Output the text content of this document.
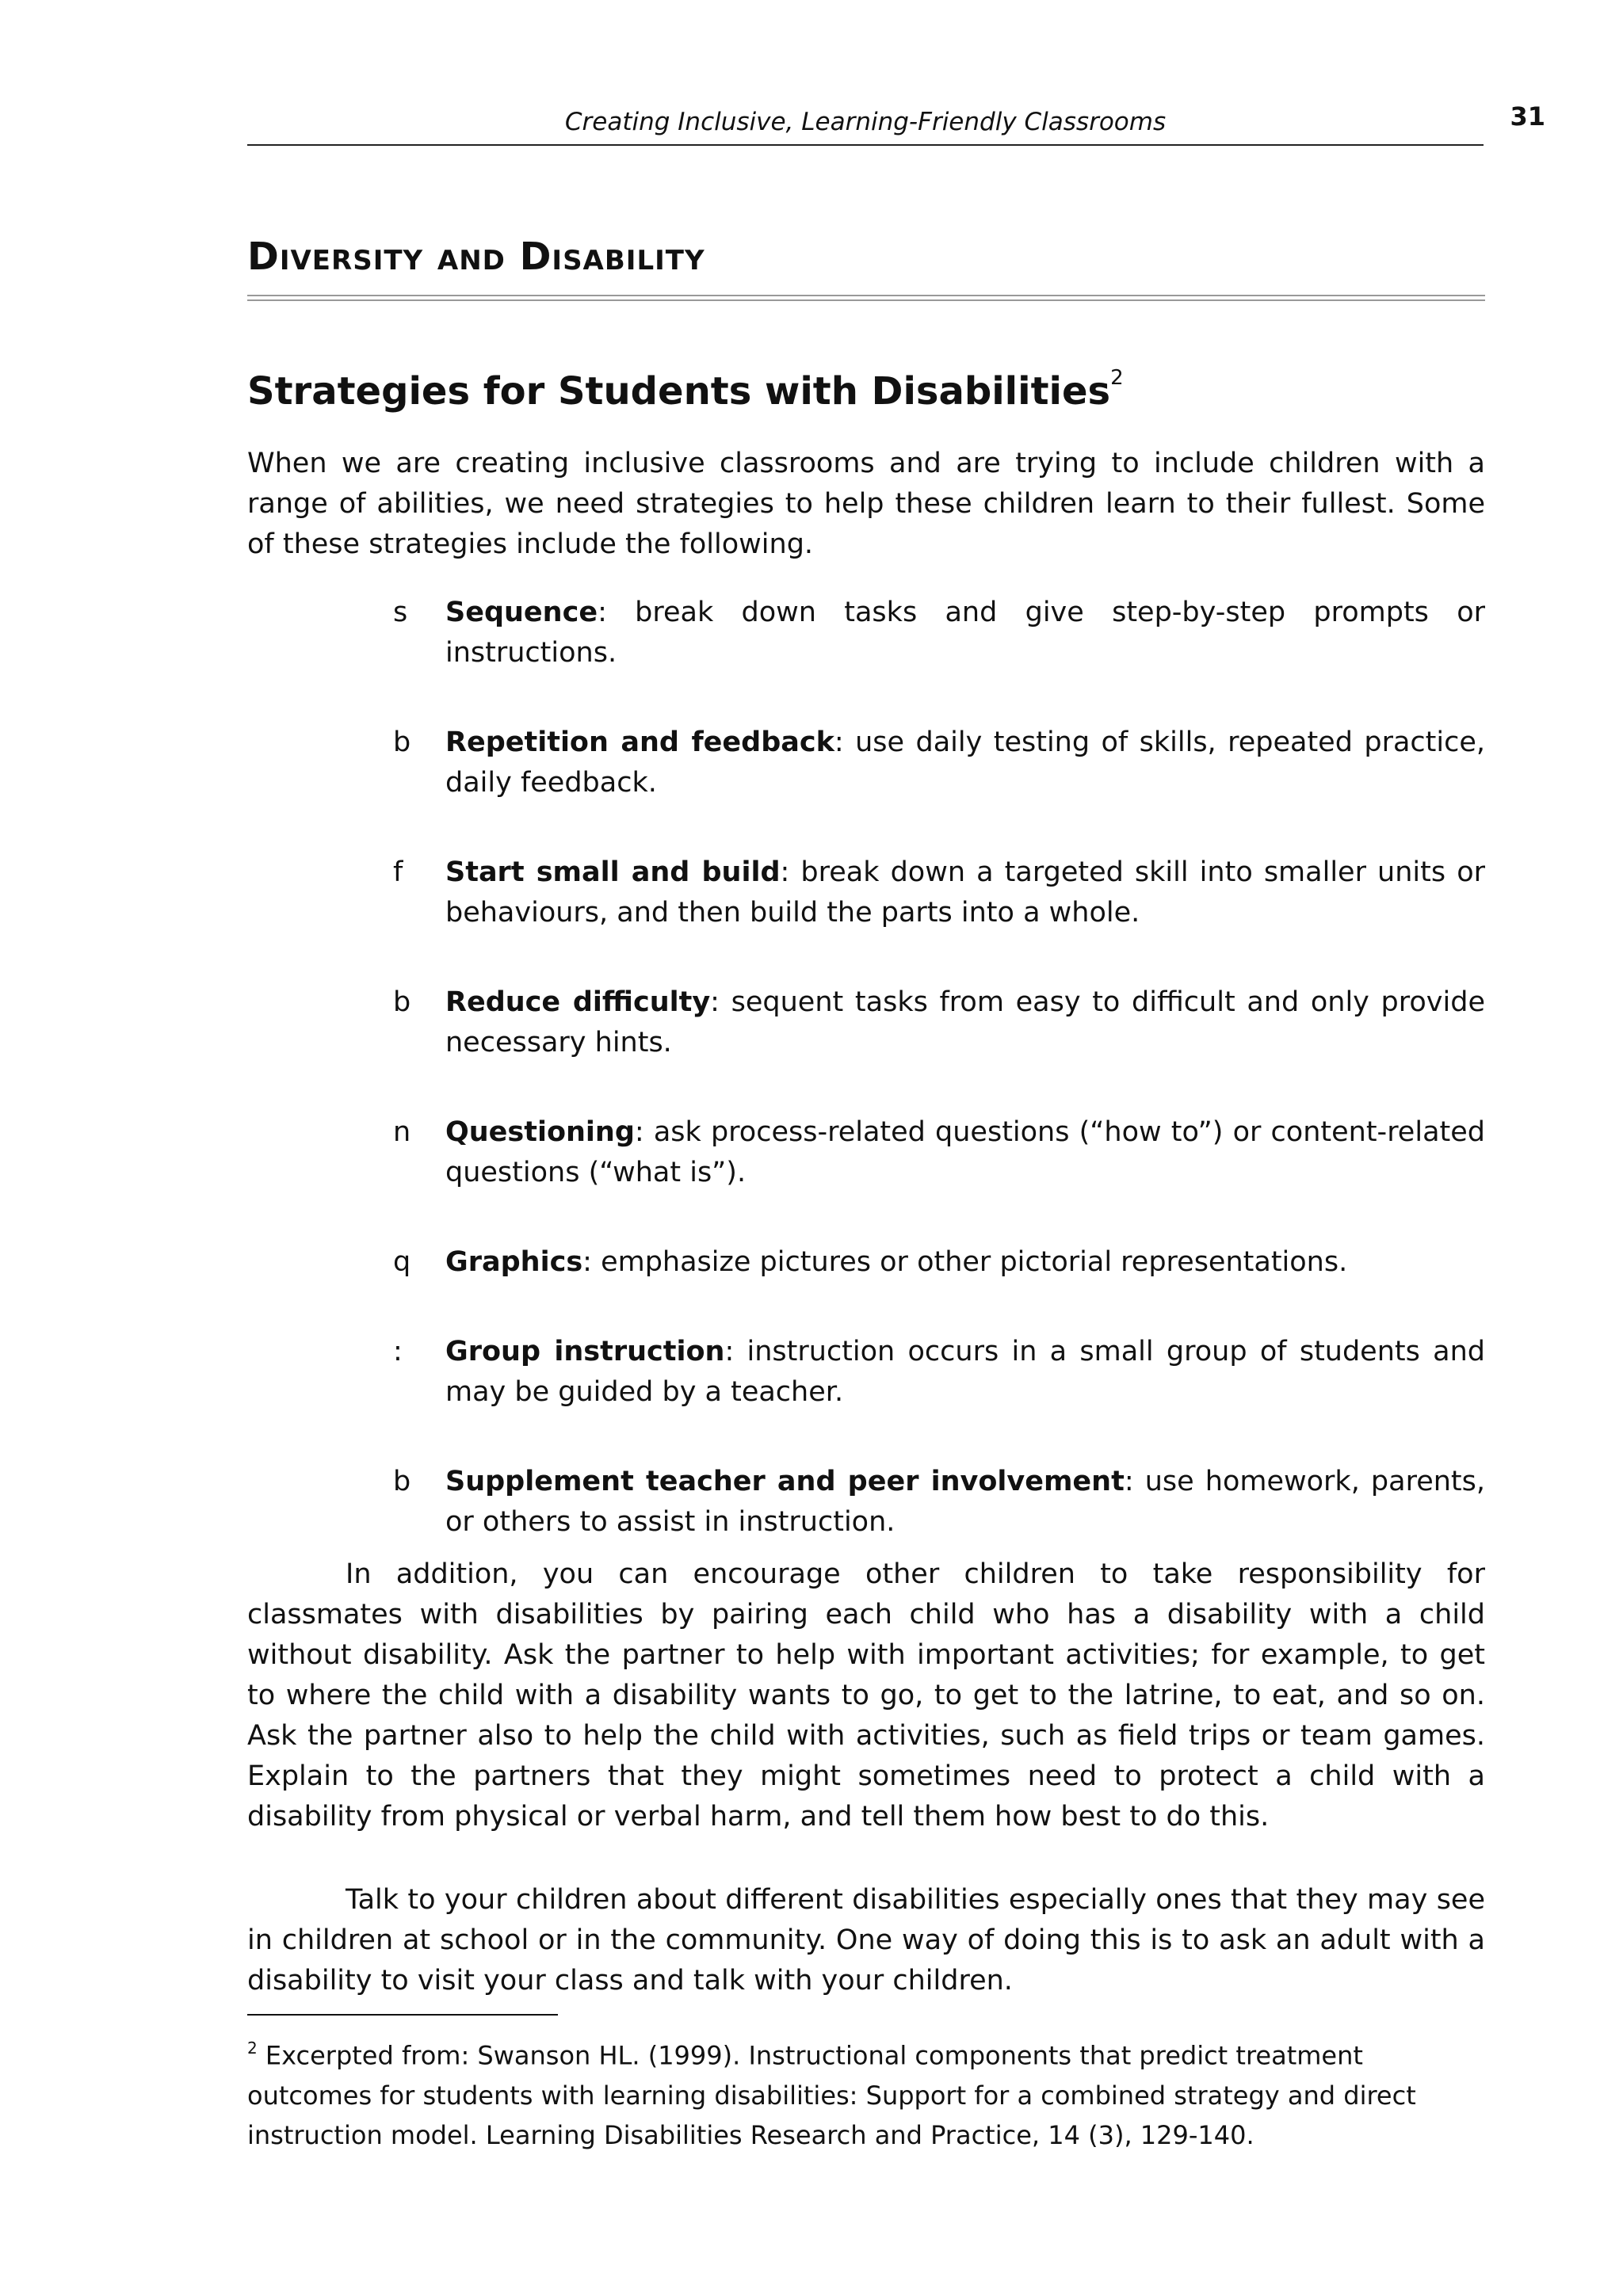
Creating Inclusive, Learning-Friendly Classrooms	31
Diversity and Disability
Strategies for Students with Disabilities$^2$
When we are creating inclusive classrooms and are trying to include children with a range of abilities, we need strategies to help these children learn to their fullest. Some of these strategies include the following.
s	Sequence: break down tasks and give step-by-step prompts or instructions.
b	Repetition and feedback: use daily testing of skills, repeated practice, daily feedback.
f	Start small and build: break down a targeted skill into smaller units or behaviours, and then build the parts into a whole.
b	Reduce difficulty: sequent tasks from easy to difficult and only provide necessary hints.
n	Questioning: ask process-related questions (“how to”) or content-related questions (“what is”).
q	Graphics: emphasize pictures or other pictorial representations.
:	Group instruction: instruction occurs in a small group of students and may be guided by a teacher.
b	Supplement teacher and peer involvement: use homework, parents, or others to assist in instruction.
In addition, you can encourage other children to take responsibility for classmates with disabilities by pairing each child who has a disability with a child without disability. Ask the partner to help with important activities; for example, to get to where the child with a disability wants to go, to get to the latrine, to eat, and so on. Ask the partner also to help the child with activities, such as field trips or team games. Explain to the partners that they might sometimes need to protect a child with a disability from physical or verbal harm, and tell them how best to do this.
Talk to your children about different disabilities especially ones that they may see in children at school or in the community. One way of doing this is to ask an adult with a disability to visit your class and talk with your children.
$^2$ Excerpted from: Swanson HL. (1999). Instructional components that predict treatment outcomes for students with learning disabilities: Support for a combined strategy and direct instruction model. Learning Disabilities Research and Practice, 14 (3), 129-140.
